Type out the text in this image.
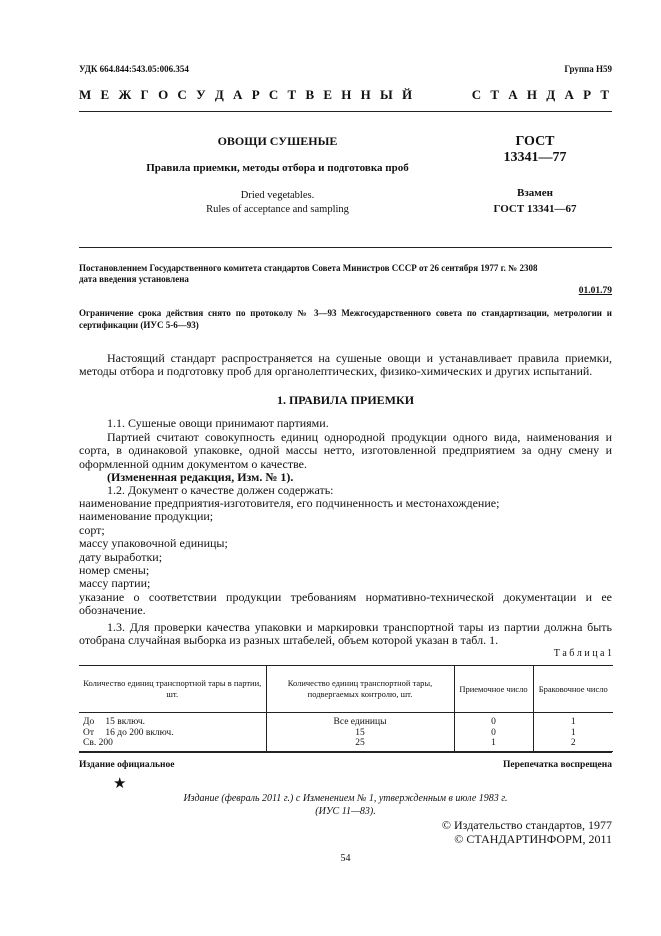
УДК 664.844:543.05:006.354	Группа Н59
М Е Ж Г О С У Д А Р С Т В Е Н Н Ы Й	С Т А Н Д А Р Т
ОВОЩИ СУШЕНЫЕ
Правила приемки, методы отбора и подготовка проб
Dried vegetables.
Rules of acceptance and sampling
ГОСТ
13341—77
Взамен
ГОСТ 13341—67
Постановлением Государственного комитета стандартов Совета Министров СССР от 26 сентября 1977 г. № 2308
дата введения установлена
01.01.79
Ограничение срока действия снято по протоколу № 3—93 Межгосударственного совета по стандартизации, метрологии и сертификации (ИУС 5-6—93)
Настоящий стандарт распространяется на сушеные овощи и устанавливает правила приемки, методы отбора и подготовку проб для органолептических, физико-химических и других испытаний.
1. ПРАВИЛА ПРИЕМКИ
1.1. Сушеные овощи принимают партиями.
Партией считают совокупность единиц однородной продукции одного вида, наименования и сорта, в одинаковой упаковке, одной массы нетто, изготовленной предприятием за одну смену и оформленной одним документом о качестве.
(Измененная редакция, Изм. № 1).
1.2. Документ о качестве должен содержать:
наименование предприятия-изготовителя, его подчиненность и местонахождение;
наименование продукции;
сорт;
массу упаковочной единицы;
дату выработки;
номер смены;
массу партии;
указание о соответствии продукции требованиям нормативно-технической документации и ее обозначение.
1.3. Для проверки качества упаковки и маркировки транспортной тары из партии должна быть отобрана случайная выборка из разных штабелей, объем которой указан в табл. 1.
Т а б л и ц а 1
Количество единиц транспортной тары в партии, шт.	Количество единиц транспортной тары, подвергаемых контролю, шт.	Приемочное число	Браковочное число
До 15 включ.	Все единицы	0	1
От 16 до 200 включ.	15	0	1
Св. 200	25	1	2
Издание официальное	Перепечатка воспрещена
★
Издание (февраль 2011 г.) с Изменением № 1, утвержденным в июле 1983 г.
(ИУС 11—83).
© Издательство стандартов, 1977
© СТАНДАРТИНФОРМ, 2011
54
